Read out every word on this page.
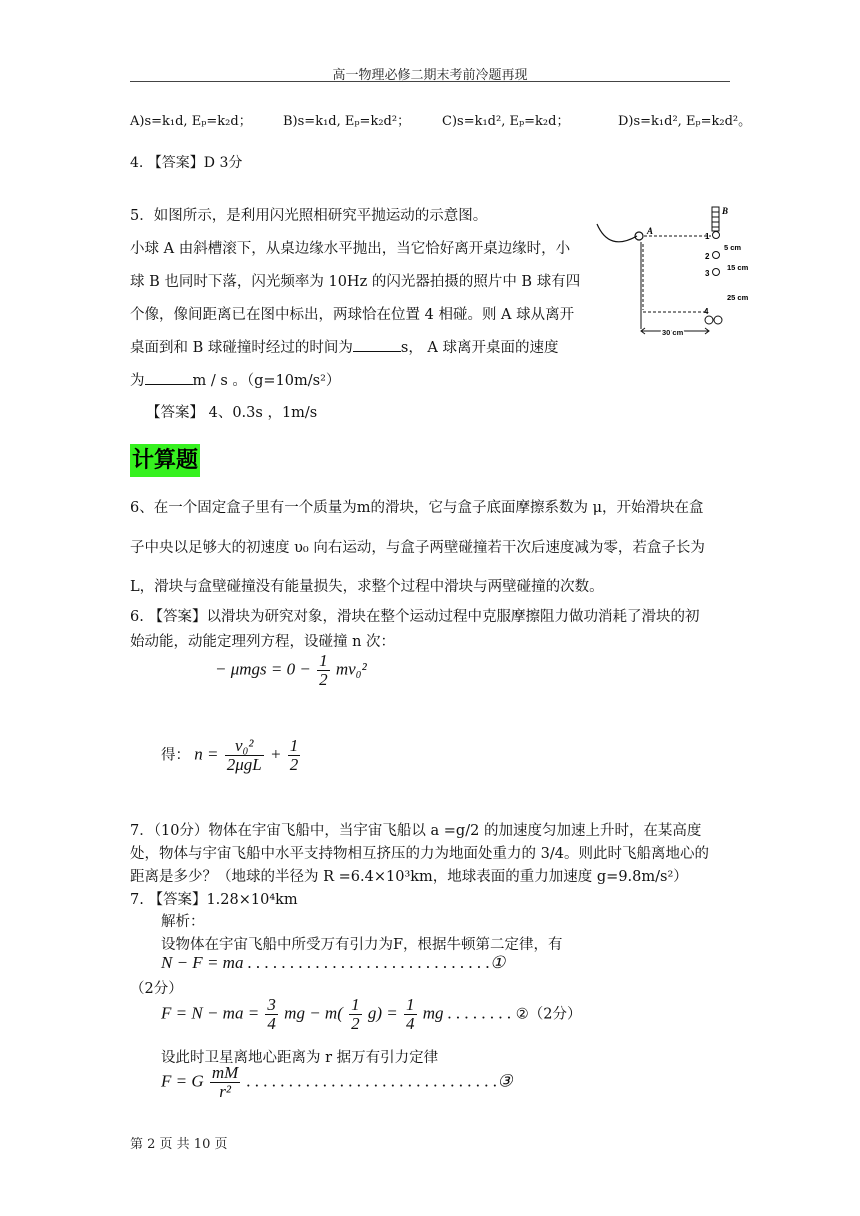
高一物理必修二期末考前冷题再现
A)s=k₁d, Eₚ=k₂d； B)s=k₁d, Eₚ=k₂d²； C)s=k₁d², Eₚ=k₂d；	D)s=k₁d², Eₚ=k₂d²。
4. 【答案】D 3分
5．如图所示，是利用闪光照相研究平抛运动的示意图。
小球 A 由斜槽滚下，从桌边缘水平抛出，当它恰好离开桌边缘时，小
球 B 也同时下落，闪光频率为 10Hz 的闪光器拍摄的照片中 B 球有四
个像，像间距离已在图中标出，两球恰在位置 4 相碰。则 A 球从离开
桌面到和 B 球碰撞时经过的时间为	s， A 球离开桌面的速度
为	m / s 。（g=10m/s²）
【答案】 4、0.3s ，1m/s
A
B
1
2
3
4
5 cm
15 cm
25 cm
30 cm
计算题
6、在一个固定盒子里有一个质量为m的滑块，它与盒子底面摩擦系数为 μ，开始滑块在盒
子中央以足够大的初速度 υ₀ 向右运动，与盒子两壁碰撞若干次后速度减为零，若盒子长为
L，滑块与盒壁碰撞没有能量损失，求整个过程中滑块与两壁碰撞的次数。
6. 【答案】以滑块为研究对象，滑块在整个运动过程中克服摩擦阻力做功消耗了滑块的初
始动能，动能定理列方程，设碰撞 n 次：
− $\mu mgs = 0 - \frac{1}{2} mv_0^2$
得： $n = \frac{\text{v₀²}}{\text{2μgL}} + \frac{1}{2}$
7．（10分）物体在宇宙飞船中，当宇宙飞船以 a =g/2 的加速度匀加速上升时，在某高度
处，物体与宇宙飞船中水平支持物相互挤压的力为地面处重力的 3/4。则此时飞船离地心的
距离是多少？（地球的半径为 R =6.4×10³km，地球表面的重力加速度 g=9.8m/s²）
7. 【答案】1.28×10⁴km
解析：
设物体在宇宙飞船中所受万有引力为F，根据牛顿第二定律，有
N − F = ma . . . . . . . . . . . . . . . . . . . . . . . . . . . . .①
（2分）
F = N − ma = $\frac{3}{4}$ mg − $m( \frac{1}{2} g) = \frac{1}{4}$ mg . . . . . . . . ②（2分）
设此时卫星离地心距离为 r 据万有引力定律
F = G $\frac{mM}{\text{r²}}$ . . . . . . . . . . . . . . . . . . . . . . . . . . . . . .③
第 2 页 共 10 页
